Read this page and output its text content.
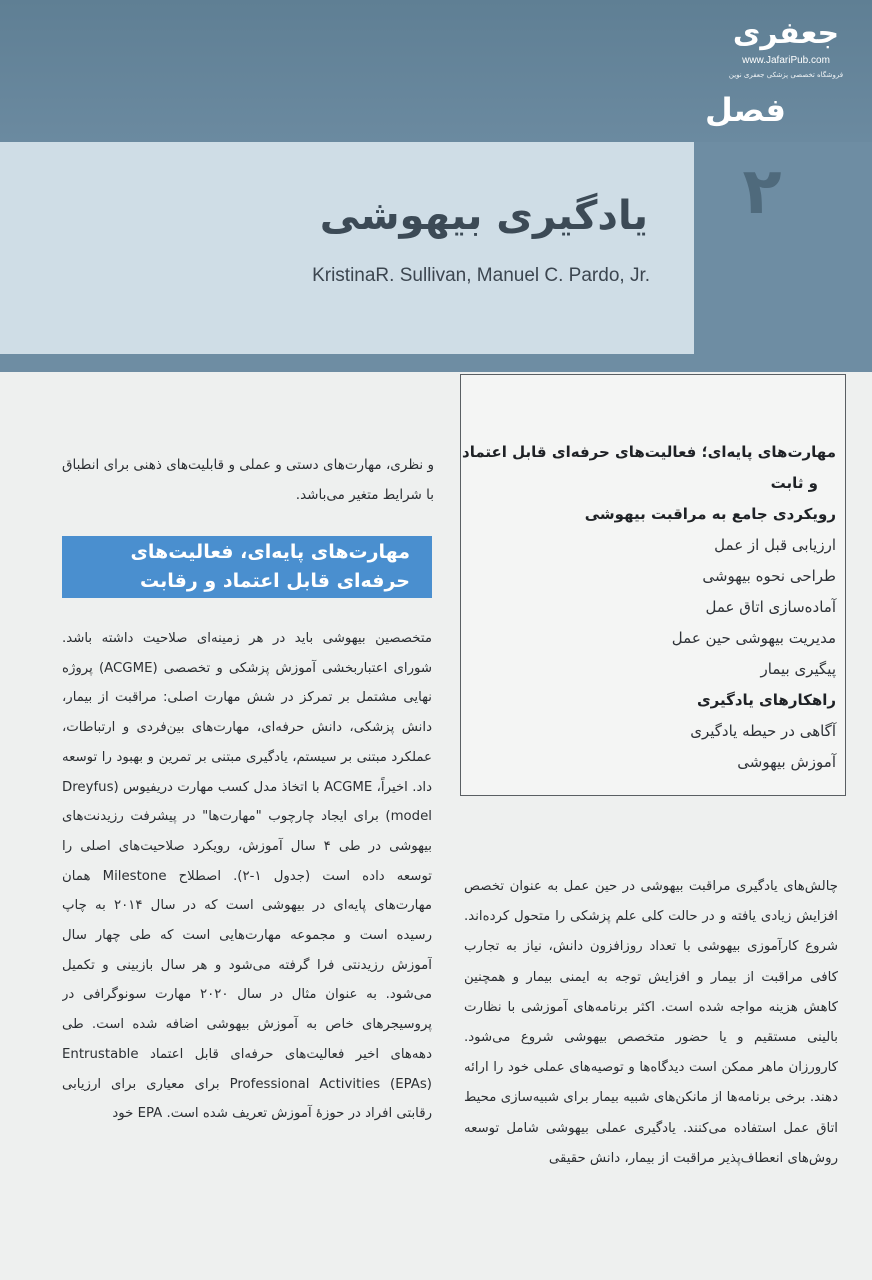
جعفری
www.JafariPub.com
فروشگاه تخصصی پزشکی جعفری نوین
فصل
۲
یادگیری بیهوشی
KristinaR. Sullivan, Manuel C. Pardo, Jr.
مهارت‌های پایه‌ای؛ فعالیت‌های حرفه‌ای قابل اعتماد
و ثابت
رویکردی جامع به مراقبت بیهوشی
ارزیابی قبل از عمل
طراحی نحوه بیهوشی
آماده‌سازی اتاق عمل
مدیریت بیهوشی حین عمل
پیگیری بیمار
راهکارهای یادگیری
آگاهی در حیطه یادگیری
آموزش بیهوشی
و نظری، مهارت‌های دستی و عملی و قابلیت‌های ذهنی برای انطباق با شرایط متغیر می‌باشد.
مهارت‌های پایه‌ای، فعالیت‌های
حرفه‌ای قابل اعتماد و رقابت
متخصصین بیهوشی باید در هر زمینه‌ای صلاحیت داشته باشد. شورای اعتباربخشی آموزش پزشکی و تخصصی (ACGME) پروژه نهایی مشتمل بر تمرکز در شش مهارت اصلی: مراقبت از بیمار، دانش پزشکی، دانش حرفه‌ای، مهارت‌های بین‌فردی و ارتباطات، عملکرد مبتنی بر سیستم، یادگیری مبتنی بر تمرین و بهبود را توسعه داد. اخیراً، ACGME با اتخاذ مدل کسب مهارت دریفیوس (Dreyfus model) برای ایجاد چارچوب "مهارت‌ها" در پیشرفت رزیدنت‌های بیهوشی در طی ۴ سال آموزش، رویکرد صلاحیت‌های اصلی را توسعه داده است (جدول ۱-۲). اصطلاح Milestone همان مهارت‌های پایه‌ای در بیهوشی است که در سال ۲۰۱۴ به چاپ رسیده است و مجموعه مهارت‌هایی است که طی چهار سال آموزش رزیدنتی فرا گرفته می‌شود و هر سال بازبینی و تکمیل می‌شود. به عنوان مثال در سال ۲۰۲۰ مهارت سونوگرافی در پروسیجرهای خاص به آموزش بیهوشی اضافه شده است. طی دهه‌های اخیر فعالیت‌های حرفه‌ای قابل اعتماد Entrustable Professional Activities (EPAs) برای معیاری برای ارزیابی رقابتی افراد در حوزهٔ آموزش تعریف شده است. EPA خود
چالش‌های یادگیری مراقبت بیهوشی در حین عمل به عنوان تخصص افزایش زیادی یافته و در حالت کلی علم پزشکی را متحول کرده‌اند. شروع کارآموزی بیهوشی با تعداد روزافزون دانش، نیاز به تجارب کافی مراقبت از بیمار و افزایش توجه به ایمنی بیمار و همچنین کاهش هزینه مواجه شده است. اکثر برنامه‌های آموزشی با نظارت بالینی مستقیم و یا حضور متخصص بیهوشی شروع می‌شود. کارورزان ماهر ممکن است دیدگاه‌ها و توصیه‌های عملی خود را ارائه دهند. برخی برنامه‌ها از مانکن‌های شبیه بیمار برای شبیه‌سازی محیط اتاق عمل استفاده می‌کنند. یادگیری عملی بیهوشی شامل توسعه روش‌های انعطاف‌پذیر مراقبت از بیمار، دانش حقیقی
